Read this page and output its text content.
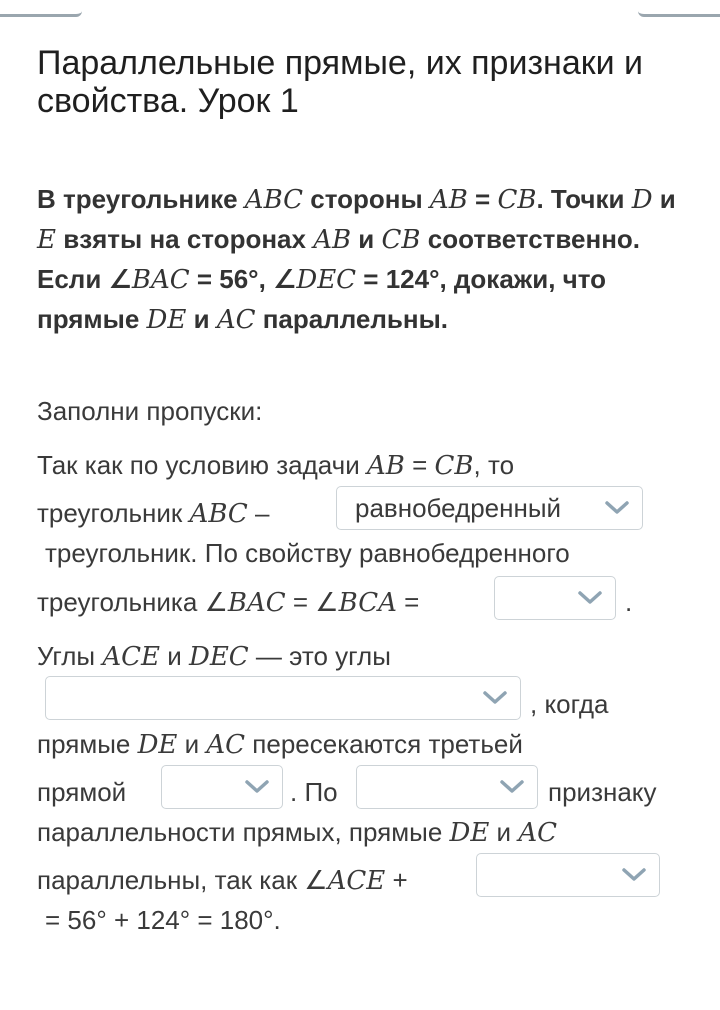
Параллельные прямые, их признаки и свойства. Урок 1
В треугольнике ABC стороны AB = CB. Точки D и E взяты на сторонах AB и CB соответственно. Если ∠BAC = 56°, ∠DEC = 124°, докажи, что прямые DE и AC параллельны.
Заполни пропуски:
Так как по условию задачи AB = CB, то
треугольник ABC –	равнобедренный
треугольник. По свойству равнобедренного
треугольника ∠BAC = ∠BCA =	.
Углы ACE и DEC — это углы
, когда
прямые DE и AC пересекаются третьей
прямой	. По	признаку
параллельности прямых, прямые DE и AC
параллельны, так как ∠ACE +
= 56° + 124° = 180°.
